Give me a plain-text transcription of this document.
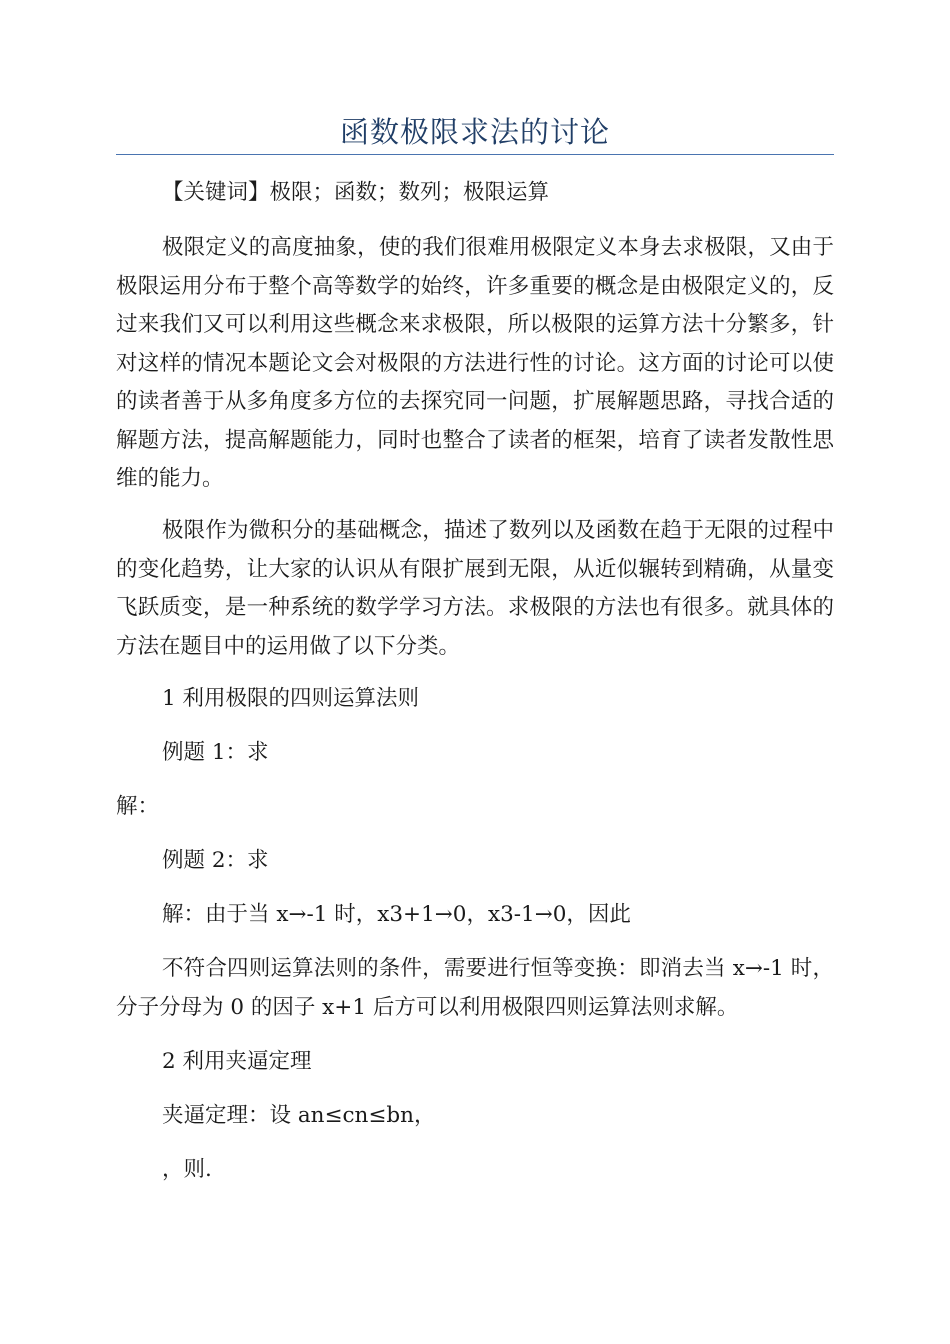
函数极限求法的讨论

【关键词】极限；函数；数列；极限运算

极限定义的高度抽象，使的我们很难用极限定义本身去求极限，又由于极限运用分布于整个高等数学的始终，许多重要的概念是由极限定义的，反过来我们又可以利用这些概念来求极限，所以极限的运算方法十分繁多，针对这样的情况本题论文会对极限的方法进行性的讨论。这方面的讨论可以使的读者善于从多角度多方位的去探究同一问题，扩展解题思路，寻找合适的解题方法，提高解题能力，同时也整合了读者的框架，培育了读者发散性思维的能力。

极限作为微积分的基础概念，描述了数列以及函数在趋于无限的过程中的变化趋势，让大家的认识从有限扩展到无限，从近似辗转到精确，从量变飞跃质变，是一种系统的数学学习方法。求极限的方法也有很多。就具体的方法在题目中的运用做了以下分类。

1 利用极限的四则运算法则

例题 1：求

解：

例题 2：求

解：由于当 x→-1 时，x3+1→0，x3-1→0，因此

不符合四则运算法则的条件，需要进行恒等变换：即消去当 x→-1 时，分子分母为 0 的因子 x+1 后方可以利用极限四则运算法则求解。

2 利用夹逼定理

夹逼定理：设 an≤cn≤bn，

，则.
